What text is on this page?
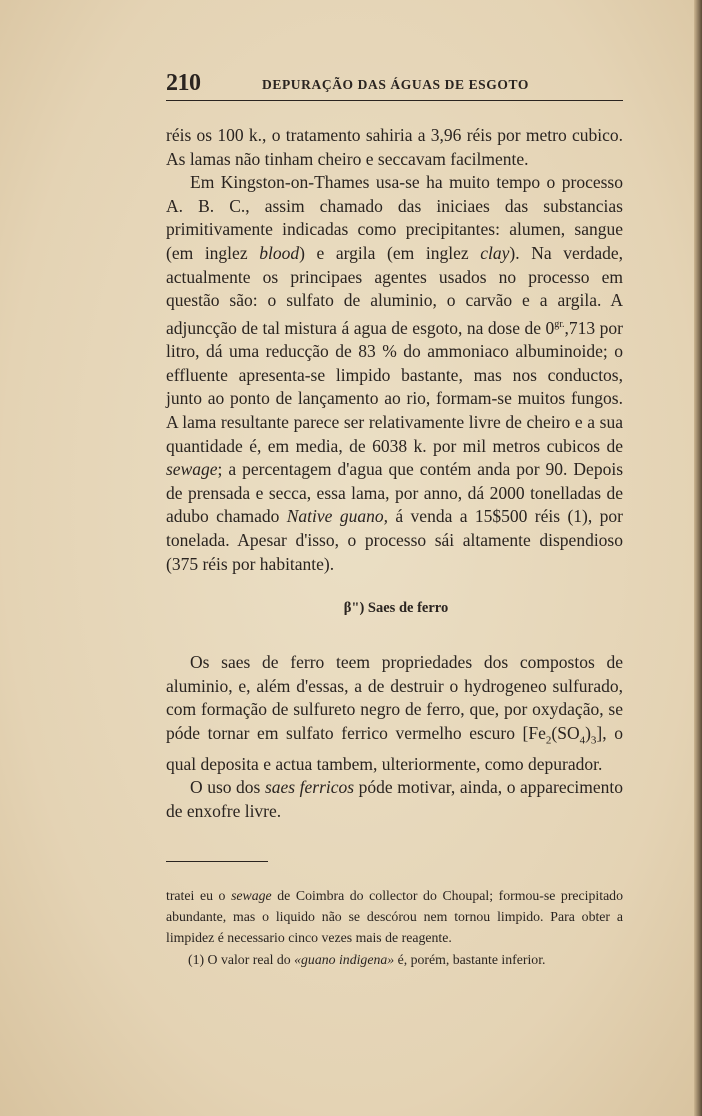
210	DEPURAÇÃO DAS ÁGUAS DE ESGOTO

réis os 100 k., o tratamento sahiria a 3,96 réis por metro cubico. As lamas não tinham cheiro e seccavam facilmente.

Em Kingston-on-Thames usa-se ha muito tempo o processo A. B. C., assim chamado das iniciaes das substancias primitivamente indicadas como precipitantes: alumen, sangue (em inglez blood) e argila (em inglez clay). Na verdade, actualmente os principaes agentes usados no processo em questão são: o sulfato de aluminio, o carvão e a argila. A adjuncção de tal mistura á agua de esgoto, na dose de $0^{gr.},713$ por litro, dá uma reducção de 83 % do ammoniaco albuminoide; o effluente apresenta-se limpido bastante, mas nos conductos, junto ao ponto de lançamento ao rio, formam-se muitos fungos. A lama resultante parece ser relativamente livre de cheiro e a sua quantidade é, em media, de 6038 k. por mil metros cubicos de sewage; a percentagem d'agua que contém anda por 90. Depois de prensada e secca, essa lama, por anno, dá 2000 tonelladas de adubo chamado Native guano, á venda a 15$500 réis (1), por tonelada. Apesar d'isso, o processo sái altamente dispendioso (375 réis por habitante).

β") Saes de ferro

Os saes de ferro teem propriedades dos compostos de aluminio, e, além d'essas, a de destruir o hydrogeneo sulfurado, com formação de sulfureto negro de ferro, que, por oxydação, se póde tornar em sulfato ferrico vermelho escuro $[Fe_2(SO_4)_3]$, o qual deposita e actua tambem, ulteriormente, como depurador.

O uso dos saes ferricos póde motivar, ainda, o apparecimento de enxofre livre.

tratei eu o sewage de Coimbra do collector do Choupal; formou-se precipitado abundante, mas o liquido não se descórou nem tornou limpido. Para obter a limpidez é necessario cinco vezes mais de reagente.

(1) O valor real do «guano indigena» é, porém, bastante inferior.
